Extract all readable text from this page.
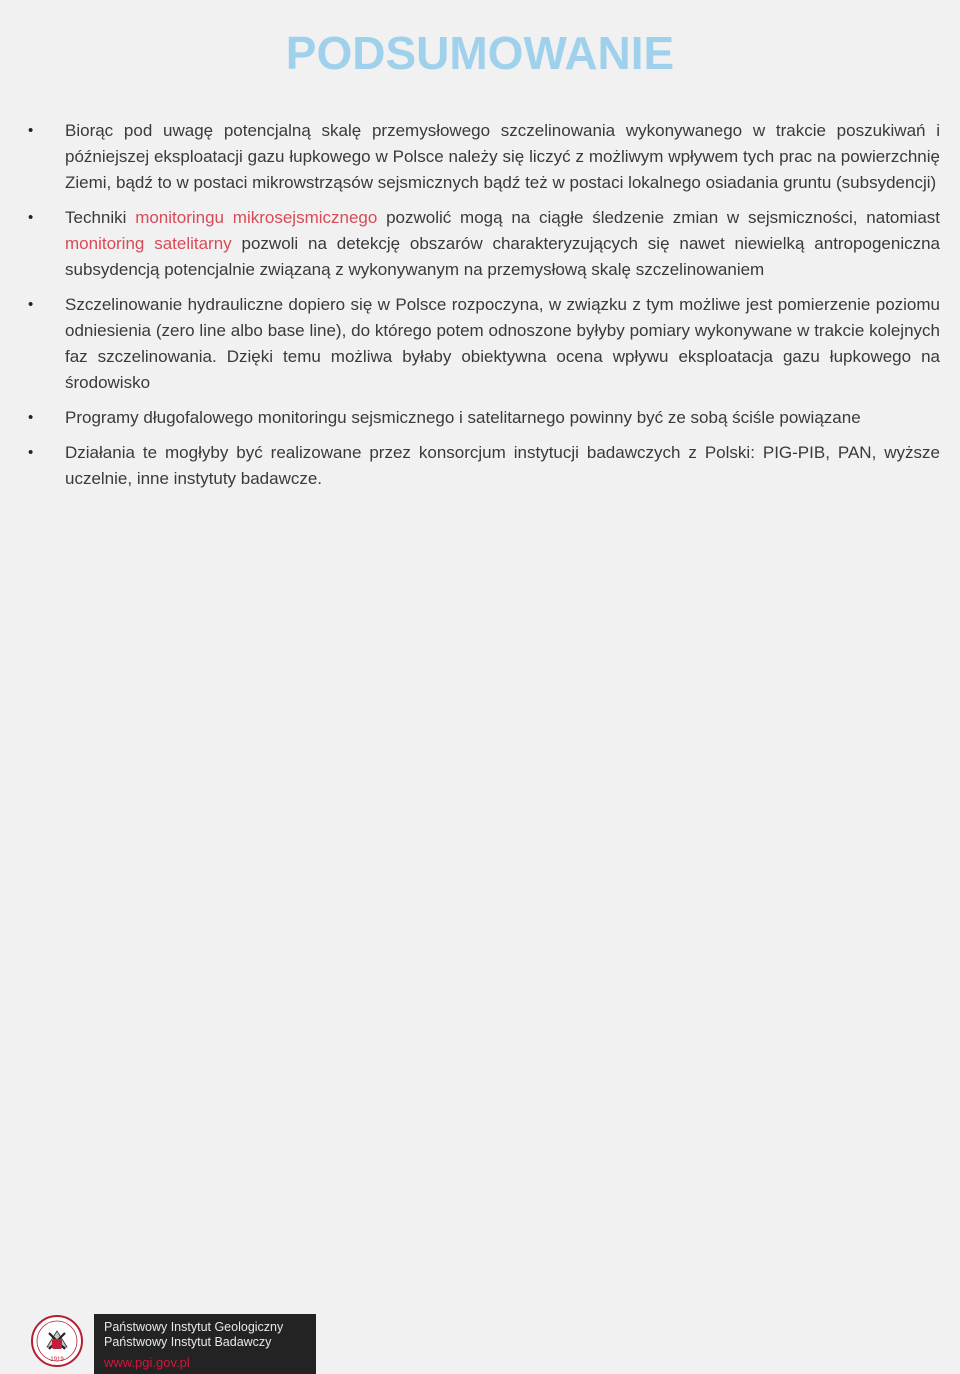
PODSUMOWANIE
• Biorąc pod uwagę potencjalną skalę przemysłowego szczelinowania wykonywanego w trakcie poszukiwań i późniejszej eksploatacji gazu łupkowego w Polsce należy się liczyć z możliwym wpływem tych prac na powierzchnię Ziemi, bądź to w postaci mikrowstrząsów sejsmicznych bądź też w postaci lokalnego osiadania gruntu (subsydencji)
• Techniki monitoringu mikrosejsmicznego pozwolić mogą na ciągłe śledzenie zmian w sejsmiczności, natomiast monitoring satelitarny pozwoli na detekcję obszarów charakteryzujących się nawet niewielką antropogeniczna subsydencją potencjalnie związaną z wykonywanym na przemysłową skalę szczelinowaniem
• Szczelinowanie hydrauliczne dopiero się w Polsce rozpoczyna, w związku z tym możliwe jest pomierzenie poziomu odniesienia (zero line albo base line), do którego potem odnoszone byłyby pomiary wykonywane w trakcie kolejnych faz szczelinowania. Dzięki temu możliwa byłaby obiektywna ocena wpływu eksploatacja gazu łupkowego na środowisko
• Programy długofalowego monitoringu sejsmicznego i satelitarnego powinny być ze sobą ściśle powiązane
• Działania te mogłyby być realizowane przez konsorcjum instytucji badawczych z Polski: PIG-PIB, PAN, wyższe uczelnie, inne instytuty badawcze.
1919
Państwowy Instytut Geologiczny
Państwowy Instytut Badawczy
www.pgi.gov.pl
